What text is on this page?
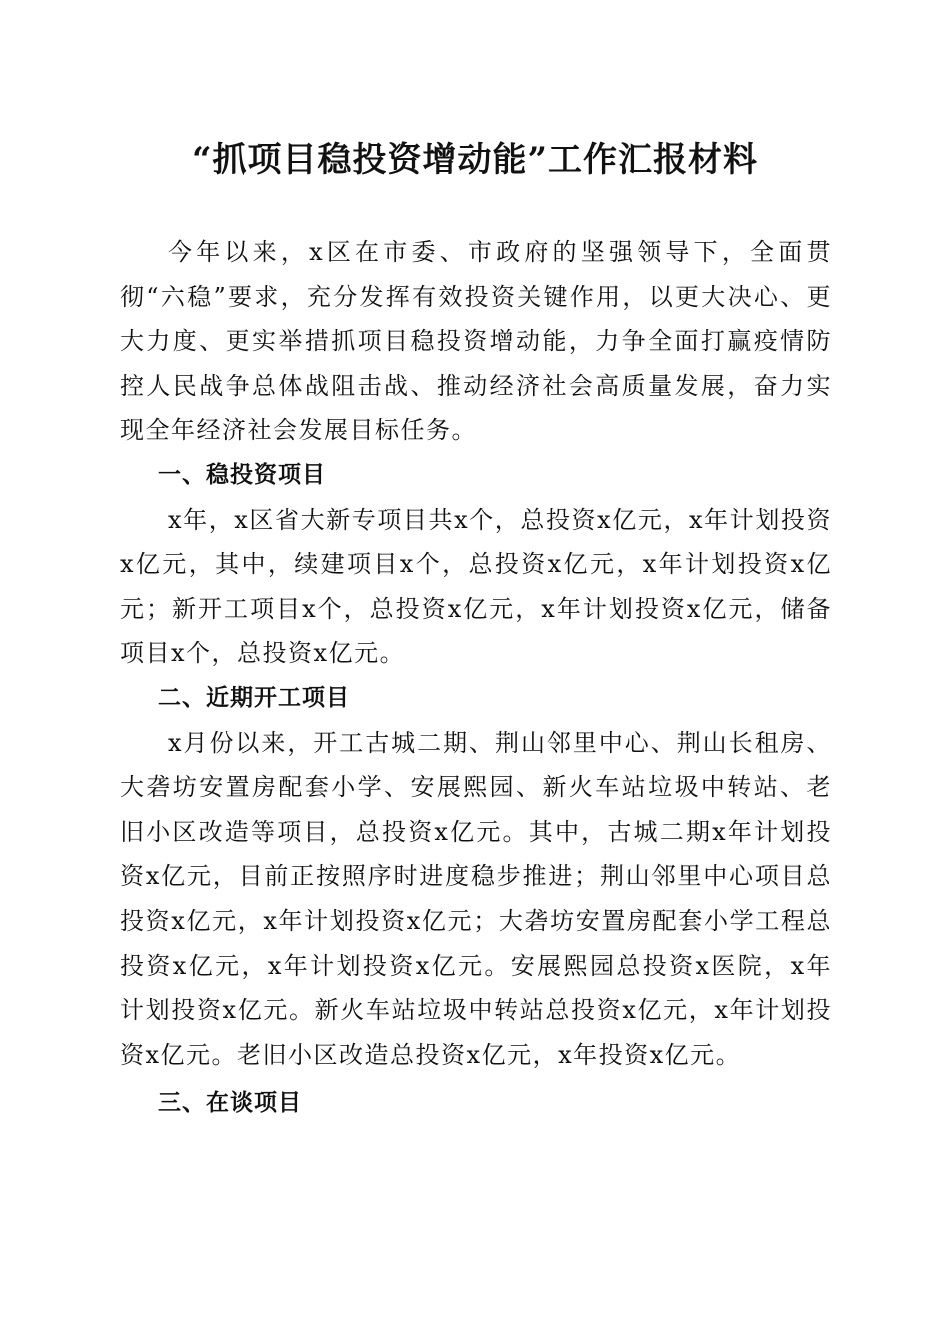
“抓项目稳投资增动能”工作汇报材料

今年以来，x区在市委、市政府的坚强领导下，全面贯彻“六稳”要求，充分发挥有效投资关键作用，以更大决心、更大力度、更实举措抓项目稳投资增动能，力争全面打赢疫情防控人民战争总体战阻击战、推动经济社会高质量发展，奋力实现全年经济社会发展目标任务。

一、稳投资项目

x年，x区省大新专项目共x个，总投资x亿元，x年计划投资x亿元，其中，续建项目x个，总投资x亿元，x年计划投资x亿元；新开工项目x个，总投资x亿元，x年计划投资x亿元，储备项目x个，总投资x亿元。

二、近期开工项目

x月份以来，开工古城二期、荆山邻里中心、荆山长租房、大砻坊安置房配套小学、安展熙园、新火车站垃圾中转站、老旧小区改造等项目，总投资x亿元。其中，古城二期x年计划投资x亿元，目前正按照序时进度稳步推进；荆山邻里中心项目总投资x亿元，x年计划投资x亿元；大砻坊安置房配套小学工程总投资x亿元，x年计划投资x亿元。安展熙园总投资x医院，x年计划投资x亿元。新火车站垃圾中转站总投资x亿元，x年计划投资x亿元。老旧小区改造总投资x亿元，x年投资x亿元。

三、在谈项目
